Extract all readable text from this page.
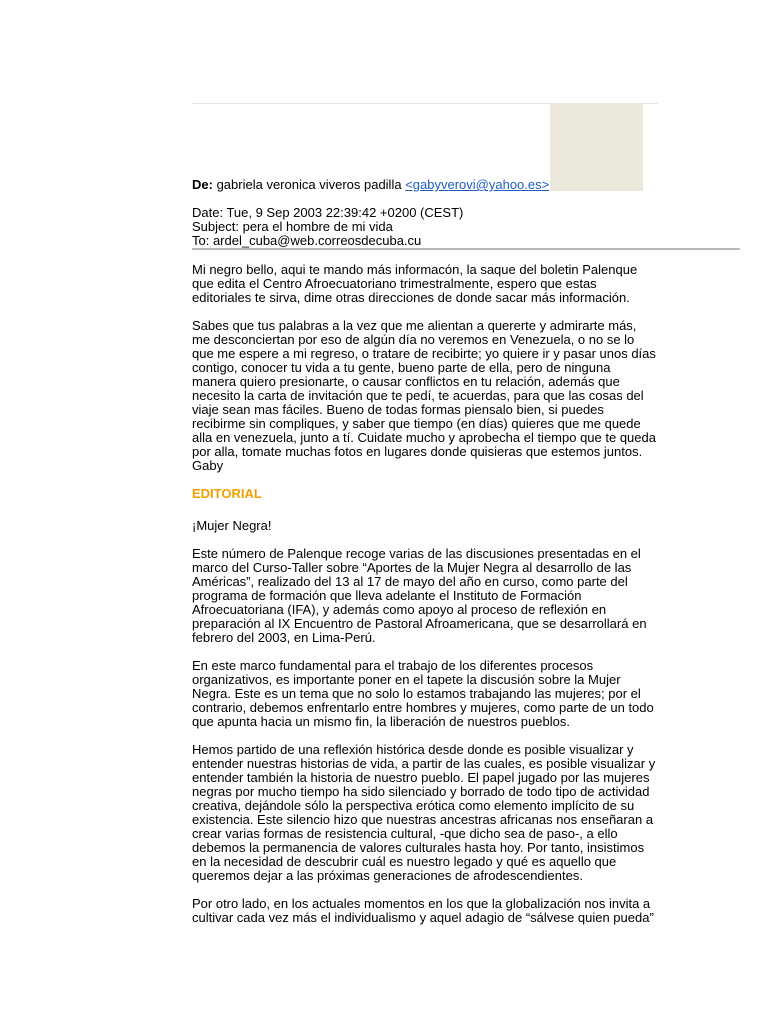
De: gabriela veronica viveros padilla <gabyverovi@yahoo.es>
Date: Tue, 9 Sep 2003 22:39:42 +0200 (CEST)
Subject: pera el hombre de mi vida
To: ardel_cuba@web.correosdecuba.cu

Mi negro bello, aqui te mando más informacón, la saque del boletin Palenque que edita el Centro Afroecuatoriano trimestralmente, espero que estas editoriales te sirva, dime otras direcciones de donde sacar más información.

Sabes que tus palabras a la vez que me alientan a quererte y admirarte más, me desconciertan por eso de algún día no veremos en Venezuela, o no se lo que me espere a mi regreso, o tratare de recibirte; yo quiere ir y pasar unos días contigo, conocer tu vida a tu gente, bueno parte de ella, pero de ninguna manera quiero presionarte, o causar conflictos en tu relación, además que necesito la carta de invitación que te pedí, te acuerdas, para que las cosas del viaje sean mas fáciles. Bueno de todas formas piensalo bien, si puedes recibirme sin compliques, y saber que tiempo (en días) quieres que me quede alla en venezuela, junto a tí. Cuidate mucho y aprobecha el tiempo que te queda por alla, tomate muchas fotos en lugares donde quisieras que estemos juntos.

Gaby

EDITORIAL

¡Mujer Negra!

Este número de Palenque recoge varias de las discusiones presentadas en el marco del Curso-Taller sobre “Aportes de la Mujer Negra al desarrollo de las Américas”, realizado del 13 al 17 de mayo del año en curso, como parte del programa de formación que lleva adelante el Instituto de Formación Afroecuatoriana (IFA), y además como apoyo al proceso de reflexión en preparación al IX Encuentro de Pastoral Afroamericana, que se desarrollará en febrero del 2003, en Lima-Perú.

En este marco fundamental para el trabajo de los diferentes procesos organizativos, es importante poner en el tapete la discusión sobre la Mujer Negra. Este es un tema que no solo lo estamos trabajando las mujeres; por el contrario, debemos enfrentarlo entre hombres y mujeres, como parte de un todo que apunta hacia un mismo fin, la liberación de nuestros pueblos.

Hemos partido de una reflexión histórica desde donde es posible visualizar y entender nuestras historias de vida, a partir de las cuales, es posible visualizar y entender también la historia de nuestro pueblo. El papel jugado por las mujeres negras por mucho tiempo ha sido silenciado y borrado de todo tipo de actividad creativa, dejándole sólo la perspectiva erótica como elemento implícito de su existencia. Este silencio hizo que nuestras ancestras africanas nos enseñaran a crear varias formas de resistencia cultural, -que dicho sea de paso-, a ello debemos la permanencia de valores culturales hasta hoy. Por tanto, insistimos en la necesidad de descubrir cuál es nuestro legado y qué es aquello que queremos dejar a las próximas generaciones de afrodescendientes.

Por otro lado, en los actuales momentos en los que la globalización nos invita a cultivar cada vez más el individualismo y aquel adagio de “sálvese quien pueda”
